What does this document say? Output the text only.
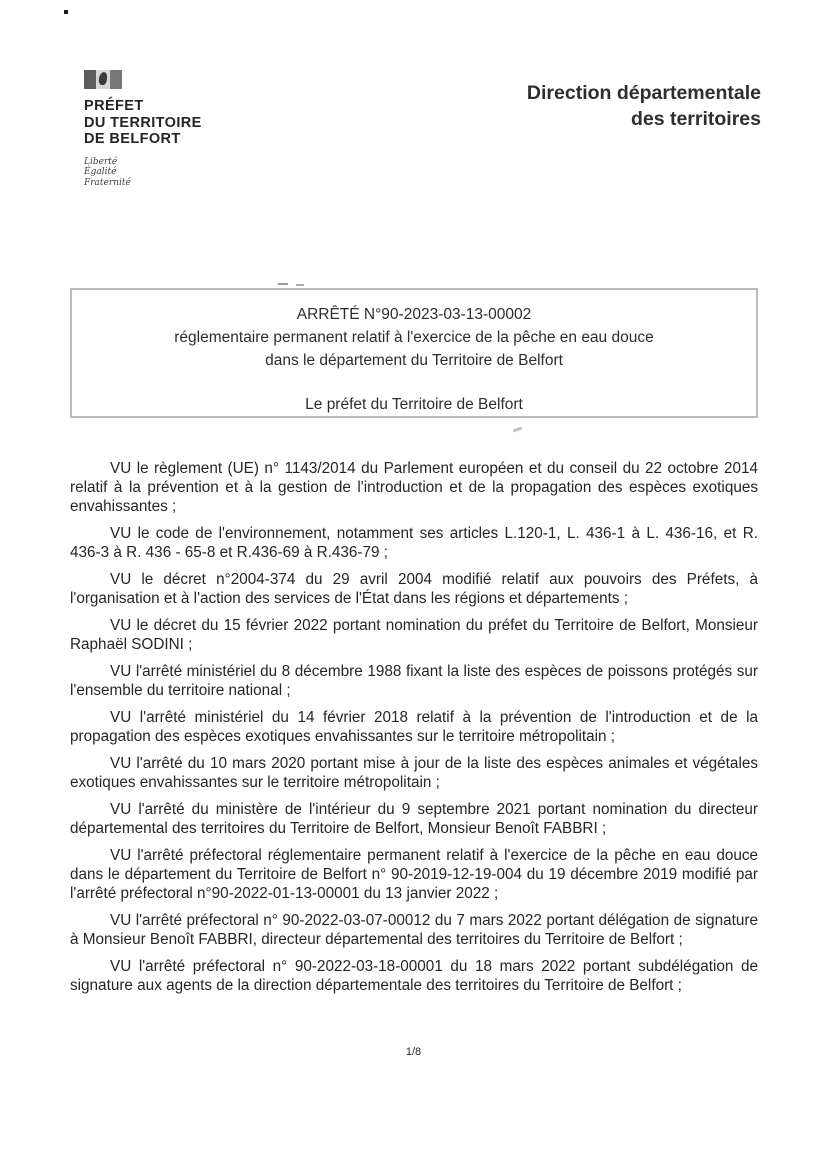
PRÉFET
DU TERRITOIRE
DE BELFORT
Liberté
Égalité
Fraternité
Direction départementale
des territoires
ARRÊTÉ N°90-2023-03-13-00002
réglementaire permanent relatif à l'exercice de la pêche en eau douce
dans le département du Territoire de Belfort
Le préfet du Territoire de Belfort

VU le règlement (UE) n° 1143/2014 du Parlement européen et du conseil du 22 octobre 2014 relatif à la prévention et à la gestion de l'introduction et de la propagation des espèces exotiques envahissantes ;

VU le code de l'environnement, notamment ses articles L.120-1, L. 436-1 à L. 436-16, et R. 436-3 à R. 436 - 65-8 et R.436-69 à R.436-79 ;

VU le décret n°2004-374 du 29 avril 2004 modifié relatif aux pouvoirs des Préfets, à l'organisation et à l'action des services de l'État dans les régions et départements ;

VU le décret du 15 février 2022 portant nomination du préfet du Territoire de Belfort, Monsieur Raphaël SODINI ;

VU l'arrêté ministériel du 8 décembre 1988 fixant la liste des espèces de poissons protégés sur l'ensemble du territoire national ;

VU l'arrêté ministériel du 14 février 2018 relatif à la prévention de l'introduction et de la propagation des espèces exotiques envahissantes sur le territoire métropolitain ;

VU l'arrêté du 10 mars 2020 portant mise à jour de la liste des espèces animales et végétales exotiques envahissantes sur le territoire métropolitain ;

VU l'arrêté du ministère de l'intérieur du 9 septembre 2021 portant nomination du directeur départemental des territoires du Territoire de Belfort, Monsieur Benoît FABBRI ;

VU l'arrêté préfectoral réglementaire permanent relatif à l'exercice de la pêche en eau douce dans le département du Territoire de Belfort n° 90-2019-12-19-004 du 19 décembre 2019 modifié par l'arrêté préfectoral n°90-2022-01-13-00001 du 13 janvier 2022 ;

VU l'arrêté préfectoral n° 90-2022-03-07-00012 du 7 mars 2022 portant délégation de signature à Monsieur Benoît FABBRI, directeur départemental des territoires du Territoire de Belfort ;

VU l'arrêté préfectoral n° 90-2022-03-18-00001 du 18 mars 2022 portant subdélégation de signature aux agents de la direction départementale des territoires du Territoire de Belfort ;

1/8
